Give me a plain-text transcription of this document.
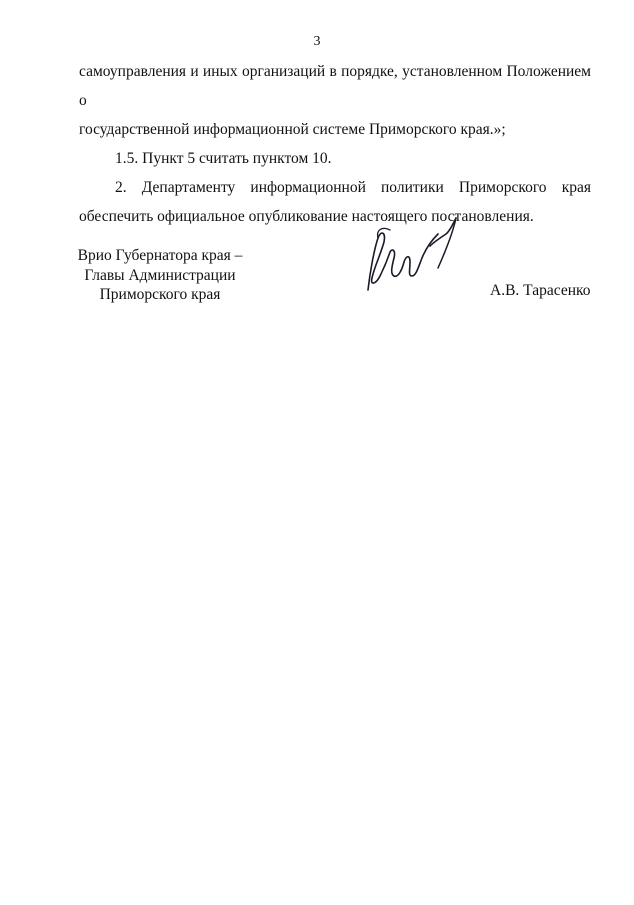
3
самоуправления и иных организаций в порядке, установленном Положением о
государственной информационной системе Приморского края.»;
1.5. Пункт 5 считать пунктом 10.
2. Департаменту информационной политики Приморского края
обеспечить официальное опубликование настоящего постановления.
Врио Губернатора края –
Главы Администрации
Приморского края	А.В. Тарасенко
